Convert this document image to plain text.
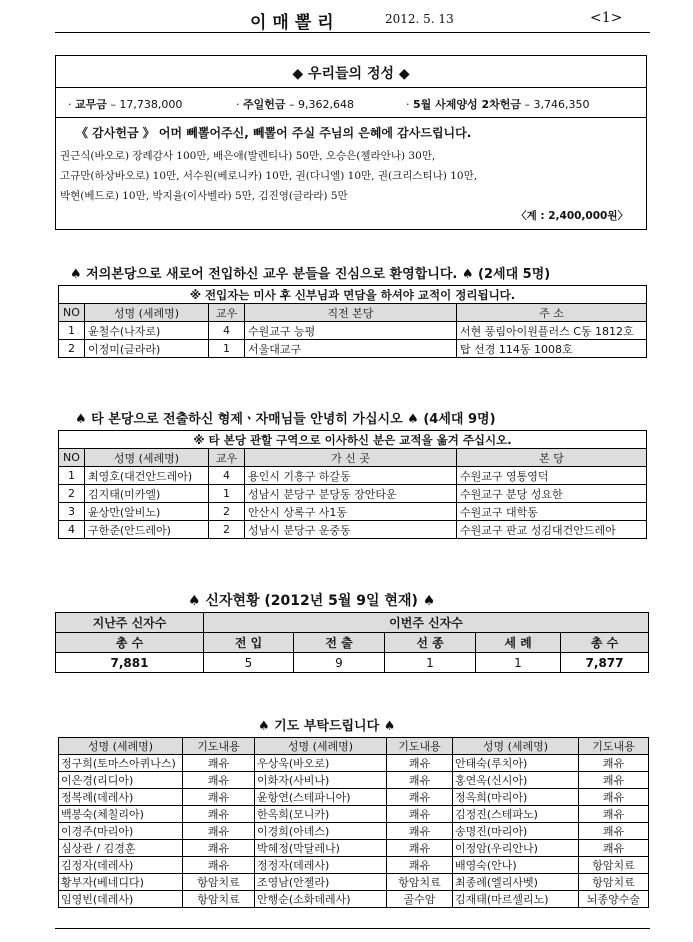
이매뽈리	2012. 5. 13	<1>
◆ 우리들의 정성 ◆
· 교무금 – 17,738,000	· 주일헌금 – 9,362,648	· 5월 사제양성 2차헌금 – 3,746,350
《 감사헌금 》 어머 뻬뽈어주신, 뻬뽈어 주실 주님의 은혜에 감사드립니다.
권근식(바오로) 장례감사 100만, 배은애(발렌티나) 50만, 오승은(첼라안나) 30만,
고규만(하상바오로) 10만, 서수원(베로니카) 10만, 권(다니엘) 10만, 권(크리스티나) 10만,
박현(베드로) 10만, 박지율(이사벨라) 5만, 김진영(글라라) 5만
〈계 : 2,400,000원〉
♠ 저의본당으로 새로어 전입하신 교우 분들을 진심으로 환영합니다. ♠ (2세대 5명)
※ 전입자는 미사 후 신부님과 면담을 하셔야 교적이 정리됩니다.				
NO	성명 (세례명)	교우	직전 본당	주 소
1	윤철수(나자로)	4	수원교구 능평	서현 풍림아이원플러스 C동 1812호
2	이정미(글라라)	1	서울대교구	탑 선경 114동 1008호
♠ 타 본당으로 전출하신 형제ㆍ자매님들 안녕히 가십시오 ♠ (4세대 9명)
※ 타 본당 관할 구역으로 이사하신 분은 교적을 옮겨 주십시오.				
NO	성명 (세례명)	교우	가 신 곳	본 당
1	최영호(대건안드레아)	4	용인시 기흥구 하갈동	수원교구 영통영덕
2	김지태(미카엘)	1	성남시 분당구 분당동 장안타운	수원교구 분당 성요한
3	윤상만(알비노)	2	안산시 상록구 사1동	수원교구 대학동
4	구한준(안드레아)	2	성남시 분당구 운중동	수원교구 판교 성김대건안드레아
♠ 신자현황 (2012년 5월 9일 현재) ♠
지난주 신자수	이번주 신자수				
총 수	전 입	전 출	선 종	세 례	총 수
7,881	5	9	1	1	7,877
♠ 기도 부탁드립니다 ♠
성명 (세례명)	기도내용	성명 (세례명)	기도내용	성명 (세례명)	기도내용
정구희(토마스아퀴나스)	쾌유	우상욱(바오로)	쾌유	안태숙(루치아)	쾌유
이은경(리디아)	쾌유	이화자(사비나)	쾌유	홍연옥(신시아)	쾌유
정복례(데레사)	쾌유	윤항연(스테파니아)	쾌유	정옥희(마리아)	쾌유
백봉숙(체칠리아)	쾌유	한옥희(모니카)	쾌유	김정진(스테파노)	쾌유
이경주(마리아)	쾌유	이경희(아녜스)	쾌유	송명진(마리아)	쾌유
심상관 / 김경훈	쾌유	박혜정(막달레나)	쾌유	이정암(우리안나)	쾌유
김정자(데레사)	쾌유	정정자(데레사)	쾌유	배영숙(안나)	항암치료
황부자(베네디다)	항암치료	조영남(안젤라)	항암치료	최종례(엘리사벳)	항암치료
임영빈(데레사)	항암치료	안행순(소화데레사)	골수암	김재태(마르셀리노)	뇌종양수술
